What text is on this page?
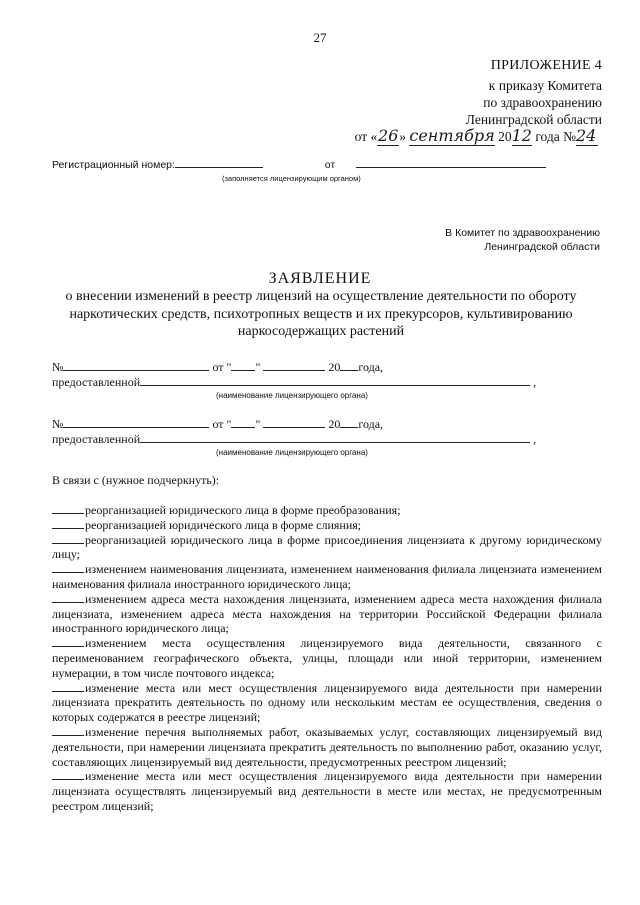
27
ПРИЛОЖЕНИЕ 4
к приказу Комитета
по здравоохранению
Ленинградской области
от «26» сентября 2012 года №24
Регистрационный номер:	от
(заполняется лицензирующим органом)
В Комитет по здравоохранению
Ленинградской области
ЗАЯВЛЕНИЕ
о внесении изменений в реестр лицензий на осуществление деятельности по обороту наркотических средств, психотропных веществ и их прекурсоров, культивированию наркосодержащих растений
№	от " "	20 года,
предоставленной	,
(наименование лицензирующего органа)
№	от " "	20 года,
предоставленной	,
(наименование лицензирующего органа)
В связи с (нужное подчеркнуть):

реорганизацией юридического лица в форме преобразования;

реорганизацией юридического лица в форме слияния;

реорганизацией юридического лица в форме присоединения лицензиата к другому юридическому лицу;

изменением наименования лицензиата, изменением наименования филиала лицензиата изменением наименования филиала иностранного юридического лица;

изменением адреса места нахождения лицензиата, изменением адреса места нахождения филиала лицензиата, изменением адреса места нахождения на территории Российской Федерации филиала иностранного юридического лица;

изменением места осуществления лицензируемого вида деятельности, связанного с переименованием географического объекта, улицы, площади или иной территории, изменением нумерации, в том числе почтового индекса;

изменение места или мест осуществления лицензируемого вида деятельности при намерении лицензиата прекратить деятельность по одному или нескольким местам ее осуществления, сведения о которых содержатся в реестре лицензий;

изменение перечня выполняемых работ, оказываемых услуг, составляющих лицензируемый вид деятельности, при намерении лицензиата прекратить деятельность по выполнению работ, оказанию услуг, составляющих лицензируемый вид деятельности, предусмотренных реестром лицензий;

изменение места или мест осуществления лицензируемого вида деятельности при намерении лицензиата осуществлять лицензируемый вид деятельности в месте или местах, не предусмотренным реестром лицензий;
